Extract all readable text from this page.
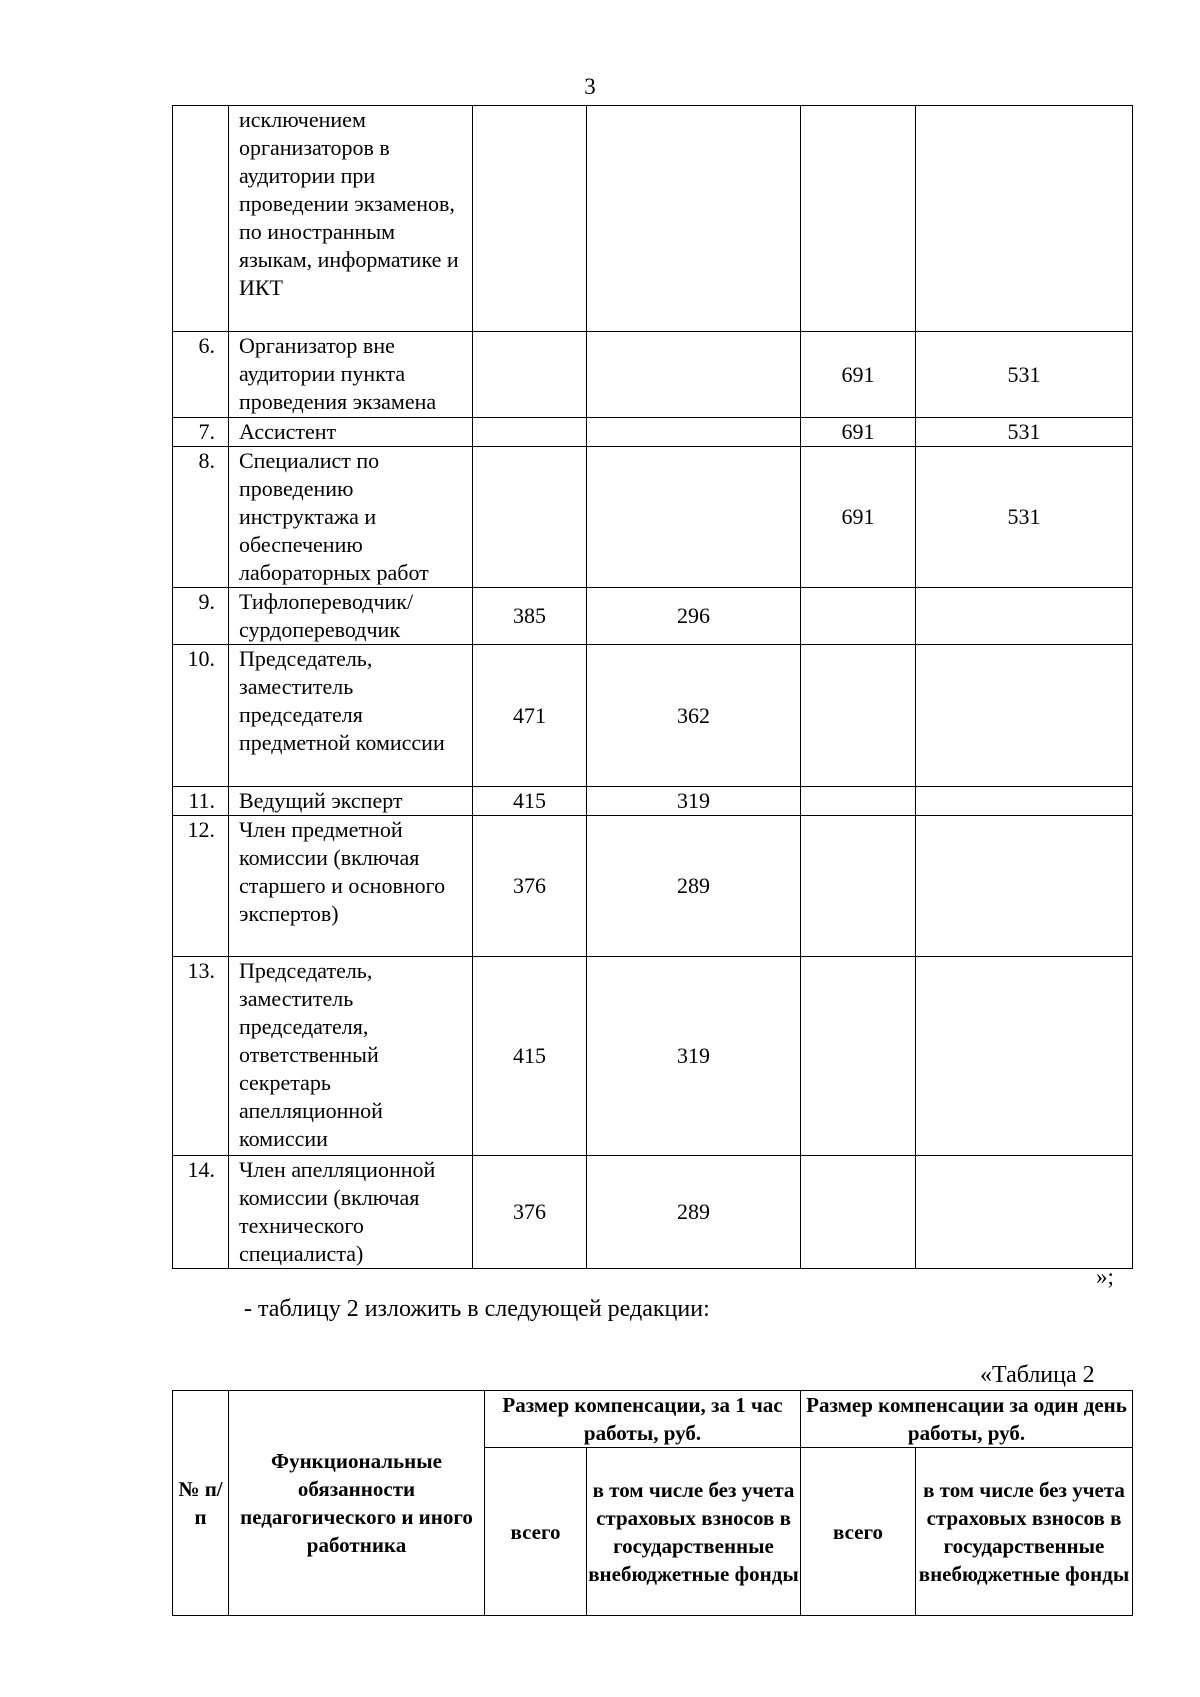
3
	исключением организаторов в аудитории при проведении экзаменов, по иностранным языкам, информатике и ИКТ				
6.	Организатор вне аудитории пункта проведения экзамена			691	531
7.	Ассистент			691	531
8.	Специалист по проведению инструктажа и обеспечению лабораторных работ			691	531
9.	Тифлопереводчик/ сурдопереводчик	385	296		
10.	Председатель, заместитель председателя предметной комиссии	471	362		
11.	Ведущий эксперт	415	319		
12.	Член предметной комиссии (включая старшего и основного экспертов)	376	289		
13.	Председатель, заместитель председателя, ответственный секретарь апелляционной комиссии	415	319		
14.	Член апелляционной комиссии (включая технического специалиста)	376	289		
»;
- таблицу 2 изложить в следующей редакции:
«Таблица 2
№ п/п	Функциональные обязанности педагогического и иного работника	Размер компенсации, за 1 час работы, руб.		Размер компенсации за один день работы, руб.	
		всего	в том числе без учета страховых взносов в государственные внебюджетные фонды	всего	в том числе без учета страховых взносов в государственные внебюджетные фонды
